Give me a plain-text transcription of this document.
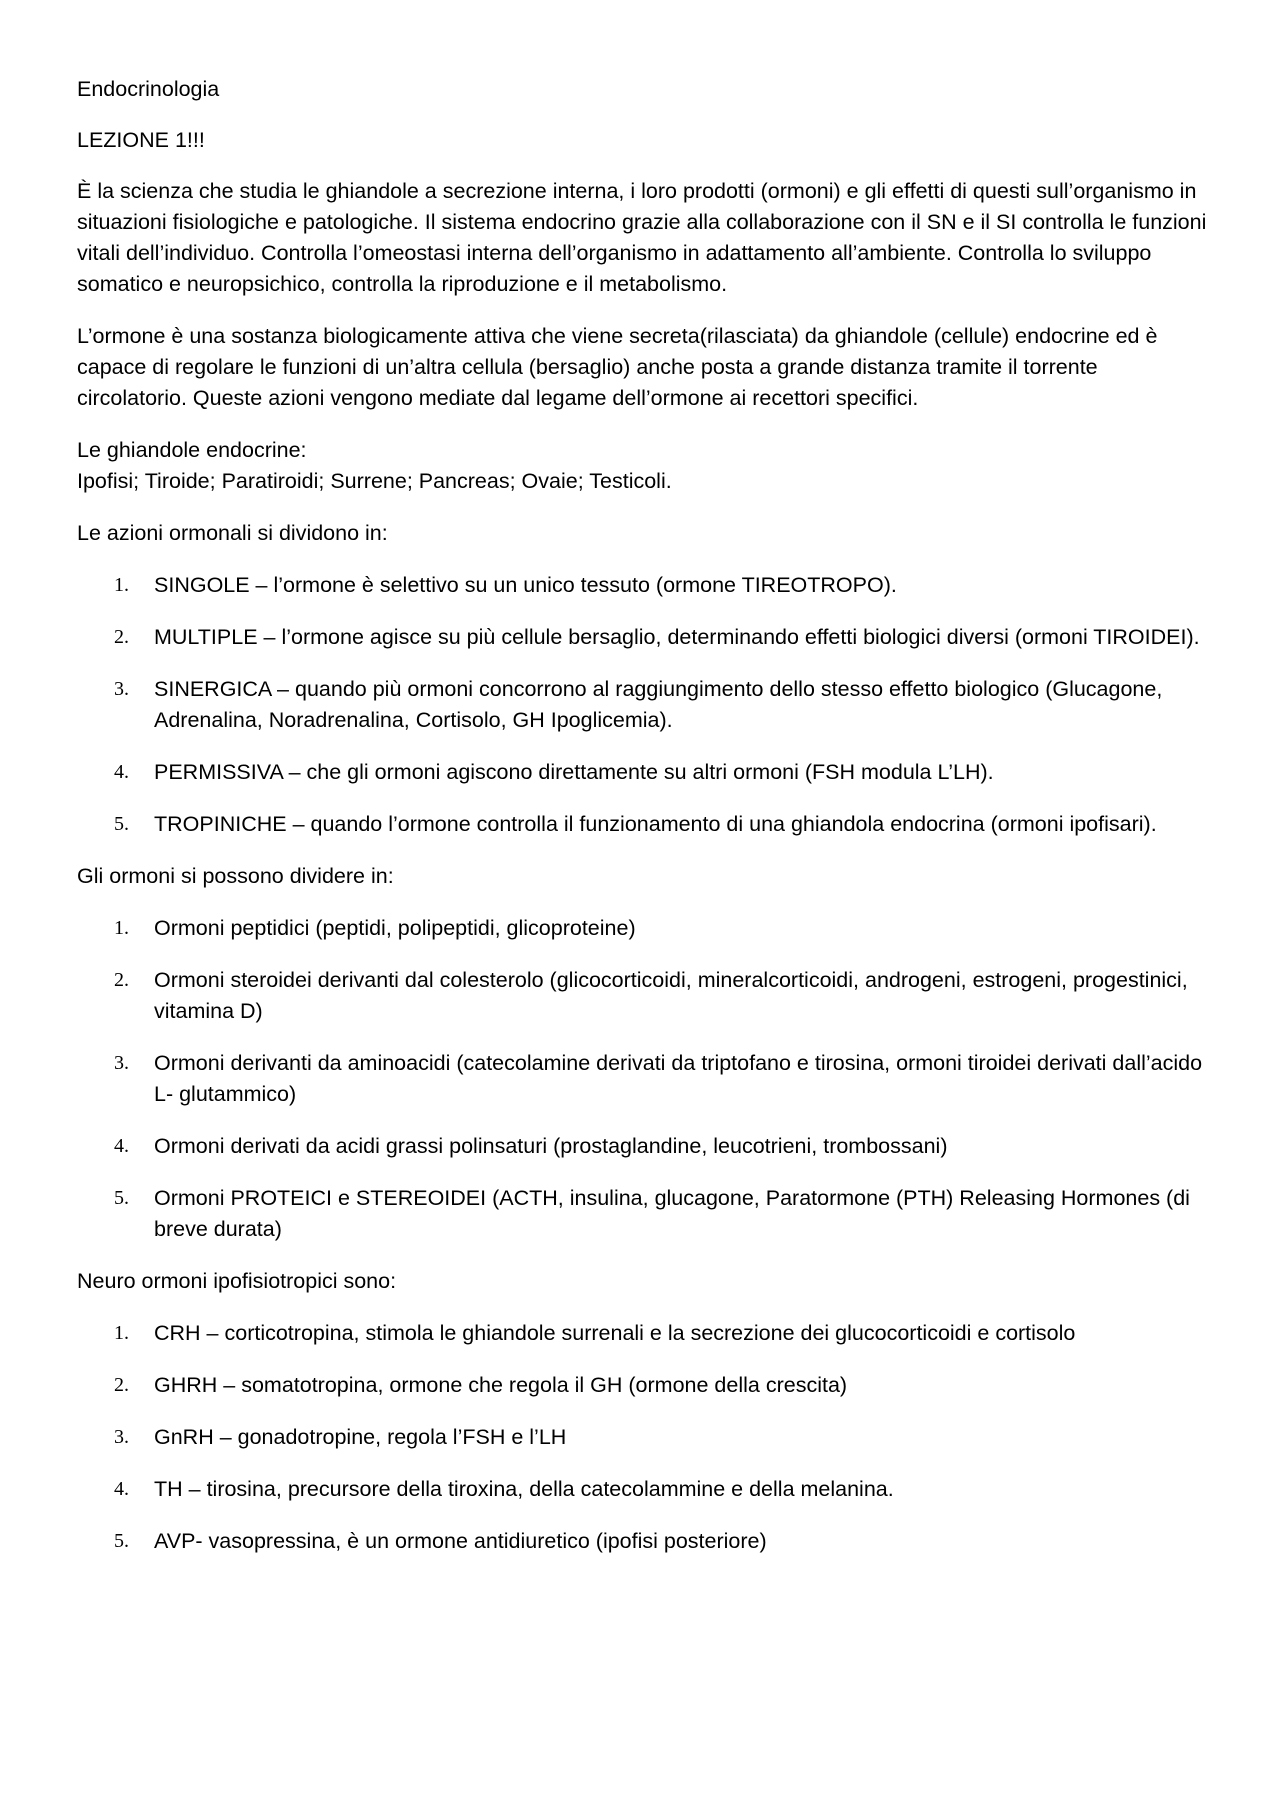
Endocrinologia

LEZIONE 1!!!

È la scienza che studia le ghiandole a secrezione interna, i loro prodotti (ormoni) e gli effetti di questi sull’organismo in situazioni fisiologiche e patologiche. Il sistema endocrino grazie alla collaborazione con il SN e il SI controlla le funzioni vitali dell’individuo. Controlla l’omeostasi interna dell’organismo in adattamento all’ambiente. Controlla lo sviluppo somatico e neuropsichico, controlla la riproduzione e il metabolismo.

L’ormone è una sostanza biologicamente attiva che viene secreta(rilasciata) da ghiandole (cellule) endocrine ed è capace di regolare le funzioni di un’altra cellula (bersaglio) anche posta a grande distanza tramite il torrente circolatorio. Queste azioni vengono mediate dal legame dell’ormone ai recettori specifici.

Le ghiandole endocrine:

Ipofisi; Tiroide; Paratiroidi; Surrene; Pancreas; Ovaie; Testicoli.

Le azioni ormonali si dividono in:

1. SINGOLE – l’ormone è selettivo su un unico tessuto (ormone TIREOTROPO).
2. MULTIPLE – l’ormone agisce su più cellule bersaglio, determinando effetti biologici diversi (ormoni TIROIDEI).
3. SINERGICA – quando più ormoni concorrono al raggiungimento dello stesso effetto biologico (Glucagone, Adrenalina, Noradrenalina, Cortisolo, GH Ipoglicemia).
4. PERMISSIVA – che gli ormoni agiscono direttamente su altri ormoni (FSH modula L’LH).
5. TROPINICHE – quando l’ormone controlla il funzionamento di una ghiandola endocrina (ormoni ipofisari).

Gli ormoni si possono dividere in:

1. Ormoni peptidici (peptidi, polipeptidi, glicoproteine)
2. Ormoni steroidei derivanti dal colesterolo (glicocorticoidi, mineralcorticoidi, androgeni, estrogeni, progestinici, vitamina D)
3. Ormoni derivanti da aminoacidi (catecolamine derivati da triptofano e tirosina, ormoni tiroidei derivati dall’acido L- glutammico)
4. Ormoni derivati da acidi grassi polinsaturi (prostaglandine, leucotrieni, trombossani)
5. Ormoni PROTEICI e STEREOIDEI (ACTH, insulina, glucagone, Paratormone (PTH) Releasing Hormones (di breve durata)

Neuro ormoni ipofisiotropici sono:

1. CRH – corticotropina, stimola le ghiandole surrenali e la secrezione dei glucocorticoidi e cortisolo
2. GHRH – somatotropina, ormone che regola il GH (ormone della crescita)
3. GnRH – gonadotropine, regola l’FSH e l’LH
4. TH – tirosina, precursore della tiroxina, della catecolammine e della melanina.
5. AVP- vasopressina, è un ormone antidiuretico (ipofisi posteriore)
